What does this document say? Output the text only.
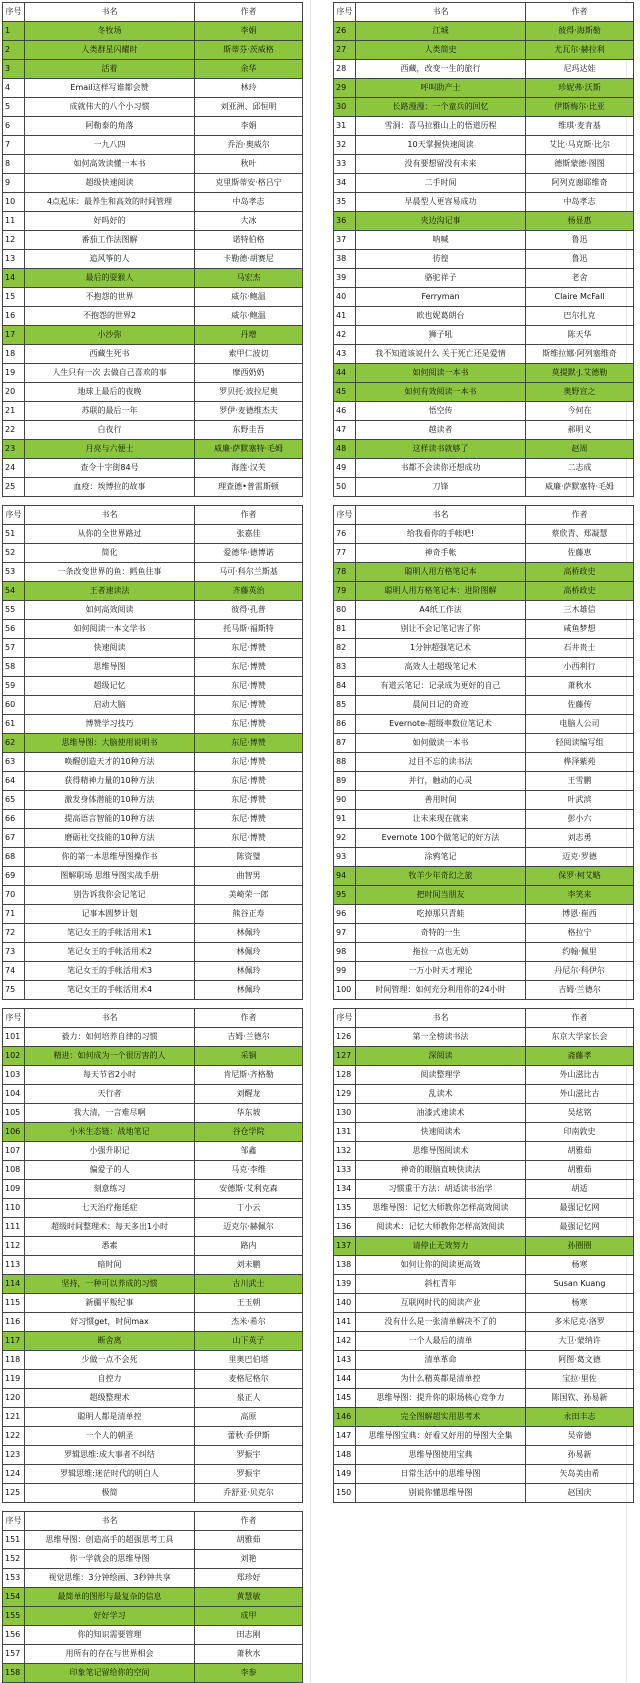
序号	书名	作者
1	冬牧场	李娟
2	人类群星闪耀时	斯蒂芬·茨威格
3	活着	余华
4	Email这样写谁都会赞	林玲
5	成就伟大的八个小习惯	刘亚洲、邱恒明
6	阿勒泰的角落	李娟
7	一九八四	乔治·奥威尔
8	如何高效读懂一本书	秋叶
9	超级快速阅读	克里斯蒂安·格吕宁
10	4点起床：最养生和高效的时间管理	中岛孝志
11	好吗好的	大冰
12	番茄工作法图解	诺特伯格
13	追风筝的人	卡勒德·胡赛尼
14	最后的耍猴人	马宏杰
15	不抱怨的世界	威尔·鲍温
16	不抱怨的世界2	威尔·鲍温
17	小沙弥	丹增
18	西藏生死书	索甲仁波切
19	人生只有一次 去做自己喜欢的事	摩西奶奶
20	地球上最后的夜晚	罗贝托·波拉尼奥
21	苏联的最后一年	罗伊·麦德维杰夫
22	白夜行	东野圭吾
23	月亮与六便士	威廉·萨默塞特·毛姆
24	查令十字街84号	海莲·汉芙
25	血疫：埃博拉的故事	理查德•普雷斯顿
序号	书名	作者
26	江城	彼得·海斯勒
27	人类简史	尤瓦尔·赫拉利
28	西藏，改变一生的旅行	尼玛达娃
29	呼叫助产士	珍妮弗·沃斯
30	长路漫漫：一个童兵的回忆	伊斯梅尔·比亚
31	雪洞：喜马拉雅山上的悟道历程	维琪·麦肯基
32	10天掌握快速阅读	艾比·马克斯·比尔
33	没有要想留没有未来	德斯蒙德·图图
34	二手时间	阿列克谢耶维奇
35	早晨型人更容易成功	中岛孝志
36	夹边沟记事	杨显惠
37	呐喊	鲁迅
38	彷徨	鲁迅
39	骆驼祥子	老舍
40	Ferryman	Claire McFall
41	欧也妮葛朗台	巴尔扎克
42	狮子吼	陈天华
43	我不知道该说什么 关于死亡还是爱情	斯维拉娜·阿列塞维奇
44	如何阅读一本书	莫提默·J.艾德勒
45	如何有效阅读一本书	奥野宣之
46	悟空传	今何在
47	越读者	郝明义
48	这样读书就够了	赵周
49	书都不会读你还想成功	二志成
50	刀锋	威廉·萨默塞特·毛姆
序号	书名	作者
51	从你的全世界路过	张嘉佳
52	简化	爱德华·德博诺
53	一条改变世界的鱼：鳕鱼往事	马可·科尔兰斯基
54	王者速读法	齐藤英治
55	如何高效阅读	彼得·孔普
56	如何阅读一本文学书	托马斯·福斯特
57	快速阅读	东尼·博赞
58	思维导图	东尼·博赞
59	超级记忆	东尼·博赞
60	启动大脑	东尼·博赞
61	博赞学习技巧	东尼·博赞
62	思维导图：大脑使用说明书	东尼·博赞
63	唤醒创造天才的10种方法	东尼·博赞
64	获得精神力量的10种方法	东尼·博赞
65	激发身体潜能的10种方法	东尼·博赞
66	提高语言智能的10种方法	东尼·博赞
67	磨砺社交技能的10种方法	东尼·博赞
68	你的第一本思维导图操作书	陈资璧
69	图解职场 思维导图实战手册	曲智男
70	别告诉我你会记笔记	美崎荣一郎
71	记事本圆梦计划	熊谷正寿
72	笔记女王的手帐活用术1	林佩玲
73	笔记女王的手帐活用术2	林佩玲
74	笔记女王的手帐活用术3	林佩玲
75	笔记女王的手帐活用术4	林佩玲
序号	书名	作者
76	给我看你的手帐吧!	蔡欣青、郑凝慧
77	神奇手帐	佐藤恵
78	聪明人用方格笔记本	高桥政史
79	聪明人用方格笔记本：进阶图解	高桥政史
80	A4纸工作法	三木雄信
81	别让不会记笔记害了你	咸鱼梦想
82	1分钟超强笔记术	石井贵士
83	高效人士超级笔记术	小西利行
84	有道云笔记：记录成为更好的自己	萧秋水
85	晨间日记的奇迹	佐藤传
86	Evernote-超级率数位笔记术	电脑人公司
87	如何做读一本书	轻阅读编写组
88	过目不忘的读书法	桦泽紫苑
89	并行，触动的心灵	王雪鹏
90	善用时间	叶武滨
91	让未来现在就来	彭小六
92	Evernote 100个做笔记的好方法	刘志勇
93	涂鸦笔记	迈克·罗德
94	牧羊少年奇幻之旅	保罗·柯艾略
95	把时间当朋友	李笑来
96	吃掉那只青蛙	博恩·崔西
97	奇特的一生	格拉宁
98	拖拉一点也无妨	约翰·佩里
99	一万小时天才理论	丹尼尔·科伊尔
100	时间管理：如何充分利用你的24小时	吉姆·兰德尔
序号	书名	作者
101	毅力：如何培养自律的习惯	吉姆·兰德尔
102	精进：如何成为一个很厉害的人	采铜
103	每天节省2小时	肯尼斯·齐格勒
104	天行者	刘醒龙
105	我大清，一言难尽啊	华东坡
106	小米生态链：战地笔记	谷仓学院
107	小强升职记	邹鑫
108	偏爱子的人	马克·李维
109	刻意练习	安德斯·艾利克森
110	七天治疗拖延症	丁小云
111	超级时间整理术：每天多出1小时	迈克尔·赫佩尔
112	悉素	路内
113	暗时间	刘未鹏
114	坚持，一种可以养成的习惯	古川武士
115	新疆平叛纪事	王玉朝
116	好习惯get，时间max	杰米·希尔
117	断舍离	山下英子
118	少做一点不会死	里奥巴伯塔
119	自控力	麦格尼格尔
120	超级整理术	泉正人
121	聪明人都是清单控	高原
122	一个人的朝圣	蕾秋·乔伊斯
123	罗辑思维:成大事者不纠结	罗振宇
124	罗辑思维:迷茫时代的明白人	罗振宇
125	极简	乔舒亚·贝克尔
序号	书名	作者
126	第一全榜读书法	东京大学家长会
127	深阅读	斋藤孝
128	阅读整理学	外山滋比古
129	乱读术	外山滋比古
130	油漆式速读术	吴炫铭
131	快速阅读术	印南敦史
132	思维导图阅读术	胡雅茹
133	神奇的眼脑直映快读法	胡雅茹
134	习惯重于方法：胡适读书治学	胡适
135	思维导图：记忆大师教你怎样高效阅读	最强记忆网
136	阅读术：记忆大师教你怎样高效阅读	最强记忆网
137	请停止无效努力	孙圈圈
138	如何让你的阅读更高效	杨寒
139	斜杠青年	Susan Kuang
140	互联网时代的阅读产业	杨寒
141	没有什么是一张清单解决不了的	多米尼克·洛罗
142	一个人最后的清单	大卫·蒙纳许
143	清单革命	阿图·葛文德
144	为什么精英都是清单控	宝拉·里佐
145	思维导图：提升你的职场核心竞争力	陈国钦、孙易新
146	完全图解超实用思考术	永田丰志
147	思维导图宝典：好看又好用的导图大全集	吴帝德
148	思维导图使用宝典	孙易新
149	日常生活中的思维导图	矢岛美由希
150	别说你懂思维导图	赵国庆
序号	书名	作者
151	思维导图：创造高手的超强思考工具	胡雅茹
152	你一学就会的思维导图	刘艳
153	视觉思维：3分钟绘画、3秒钟共享	郑珍好
154	最简单的图形与最复杂的信息	黄慧敏
155	好好学习	成甲
156	你的知识需要管理	田志刚
157	用所有的存在与世界相会	萧秋水
158	印象笔记留给你的空间	李参
